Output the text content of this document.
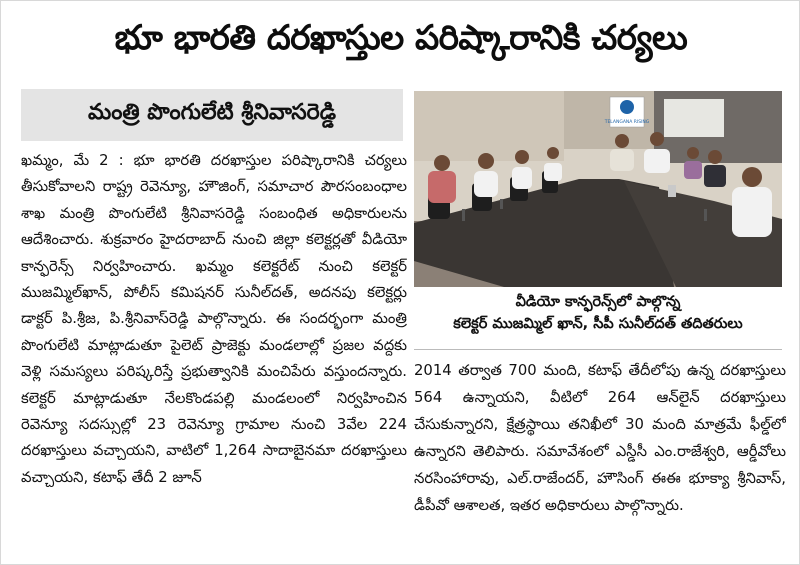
భూ భారతి దరఖాస్తుల పరిష్కారానికి చర్యలు
మంత్రి పొంగులేటి శ్రీనివాసరెడ్డి

ఖమ్మం, మే 2 : భూ భారతి దరఖాస్తుల పరిష్కారానికి చర్యలు తీసుకోవాలని రాష్ట్ర రెవెన్యూ, హౌజింగ్, సమాచార పౌరసంబంధాల శాఖ మంత్రి పొంగులేటి శ్రీనివాసరెడ్డి సంబంధిత అధికారులను ఆదేశించారు. శుక్రవారం హైదరాబాద్ నుంచి జిల్లా కలెక్టర్లతో వీడియో కాన్ఫరెన్స్ నిర్వహించారు. ఖమ్మం కలెక్టరేట్ నుంచి కలెక్టర్ ముజమ్మిల్‌ఖాన్, పోలీస్ కమిషనర్ సునీల్‌దత్, అదనపు కలెక్టర్లు డాక్టర్ పి.శ్రీజ, పి.శ్రీనివాస్‌రెడ్డి పాల్గొన్నారు. ఈ సందర్భంగా మంత్రి పొంగులేటి మాట్లాడుతూ పైలెట్ ప్రాజెక్టు మండలాల్లో ప్రజల వద్దకు వెళ్లి సమస్యలు పరిష్కరిస్తే ప్రభుత్వానికి మంచిపేరు వస్తుందన్నారు. కలెక్టర్ మాట్లాడుతూ నేలకొండపల్లి మండలంలో నిర్వహించిన రెవెన్యూ సదస్సుల్లో 23 రెవెన్యూ గ్రామాల నుంచి 3వేల 224 దరఖాస్తులు వచ్చాయని, వాటిలో 1,264 సాదాబైనమా దరఖాస్తులు వచ్చాయని, కటాఫ్ తేదీ 2 జూన్

TELANGANA RISING
వీడియో కాన్ఫరెన్స్‌లో పాల్గొన్న
కలెక్టర్ ముజమ్మిల్ ఖాన్, సీపీ సునీల్‌దత్ తదితరులు

2014 తర్వాత 700 మంది, కటాఫ్ తేదీలోపు ఉన్న దరఖాస్తులు 564 ఉన్నాయని, వీటిలో 264 ఆన్‌లైన్ దరఖాస్తులు చేసుకున్నారని, క్షేత్రస్థాయి తనిఖీలో 30 మంది మాత్రమే ఫీల్డ్‌లో ఉన్నారని తెలిపారు. సమావేశంలో ఎస్డీసీ ఎం.రాజేశ్వరి, ఆర్డీవోలు నరసింహారావు, ఎల్.రాజేందర్, హౌసింగ్ ఈఈ భూక్యా శ్రీనివాస్, డీపీవో ఆశాలత, ఇతర అధికారులు పాల్గొన్నారు.
